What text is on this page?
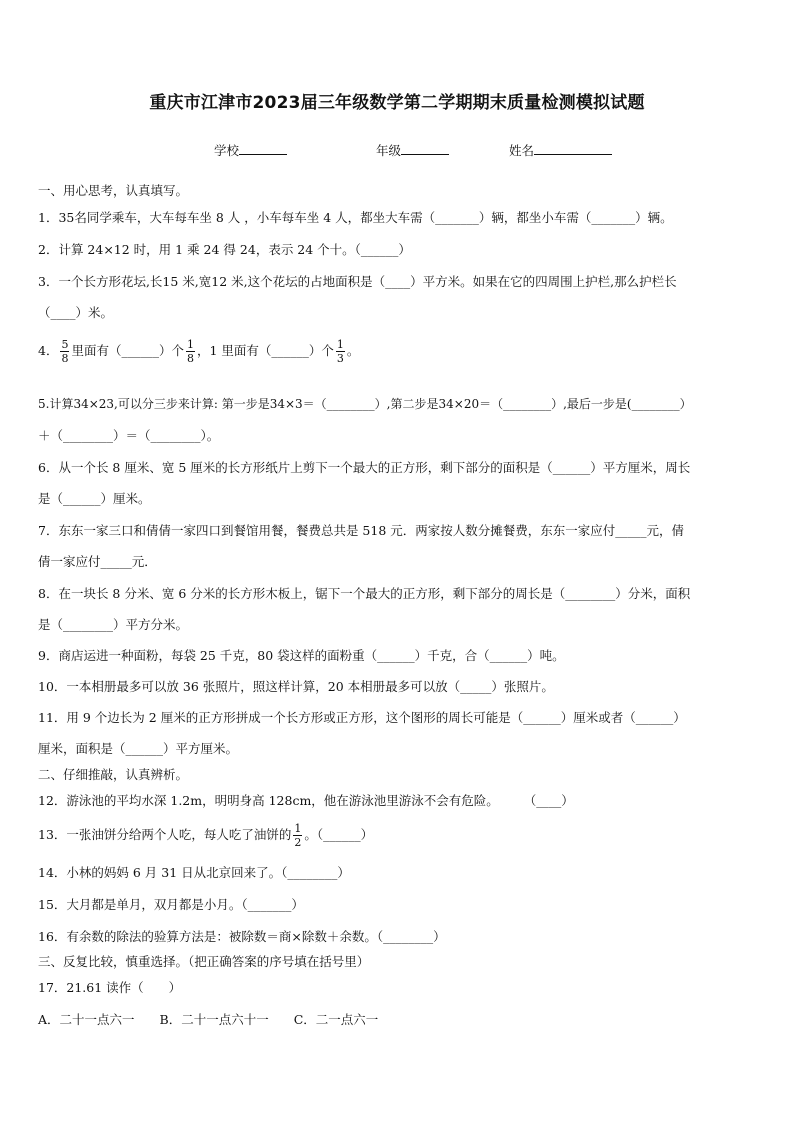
重庆市江津市2023届三年级数学第二学期期末质量检测模拟试题
学校	年级	姓名
一、用心思考，认真填写。
1．35名同学乘车，大车每车坐 8 人 ，小车每车坐 4 人，都坐大车需（_______）辆，都坐小车需（_______）辆。
2．计算 24×12 时，用 1 乘 24 得 24，表示 24 个十。（______）
3．一个长方形花坛,长15 米,宽12 米,这个花坛的占地面积是（____）平方米。如果在它的四周围上护栏,那么护栏长
（____）米。
4． $\frac{5}{8}$ 里面有（______）个 $\frac{1}{8}$ ，1 里面有（______）个 $\frac{1}{3}$ 。
5.计算34×23,可以分三步来计算: 第一步是34×3＝（________）,第二步是34×20＝（________）,最后一步是(________）
＋（________）＝（________）。
6．从一个长 8 厘米、宽 5 厘米的长方形纸片上剪下一个最大的正方形，剩下部分的面积是（______）平方厘米，周长
是（______）厘米。
7．东东一家三口和倩倩一家四口到餐馆用餐，餐费总共是 518 元．两家按人数分摊餐费，东东一家应付_____元，倩
倩一家应付_____元．
8．在一块长 8 分米、宽 6 分米的长方形木板上，锯下一个最大的正方形，剩下部分的周长是（________）分米，面积
是（________）平方分米。
9．商店运进一种面粉，每袋 25 千克，80 袋这样的面粉重（______）千克，合（______）吨。
10．一本相册最多可以放 36 张照片，照这样计算，20 本相册最多可以放（_____）张照片。
11．用 9 个边长为 2 厘米的正方形拼成一个长方形或正方形，这个图形的周长可能是（______）厘米或者（______）
厘米，面积是（______）平方厘米。
二、仔细推敲，认真辨析。
12．游泳池的平均水深 1.2m，明明身高 128cm，他在游泳池里游泳不会有危险。　　　（____）
13．一张油饼分给两个人吃，每人吃了油饼的 $\frac{1}{2}$ 。（______）
14．小林的妈妈 6 月 31 日从北京回来了。（________）
15．大月都是单月，双月都是小月。（_______）
16．有余数的除法的验算方法是：被除数＝商×除数＋余数。（________）
三、反复比较，慎重选择。（把正确答案的序号填在括号里）
17．21.61 读作（　　）
A．二十一点六一　　B．二十一点六十一　　C．二一点六一
